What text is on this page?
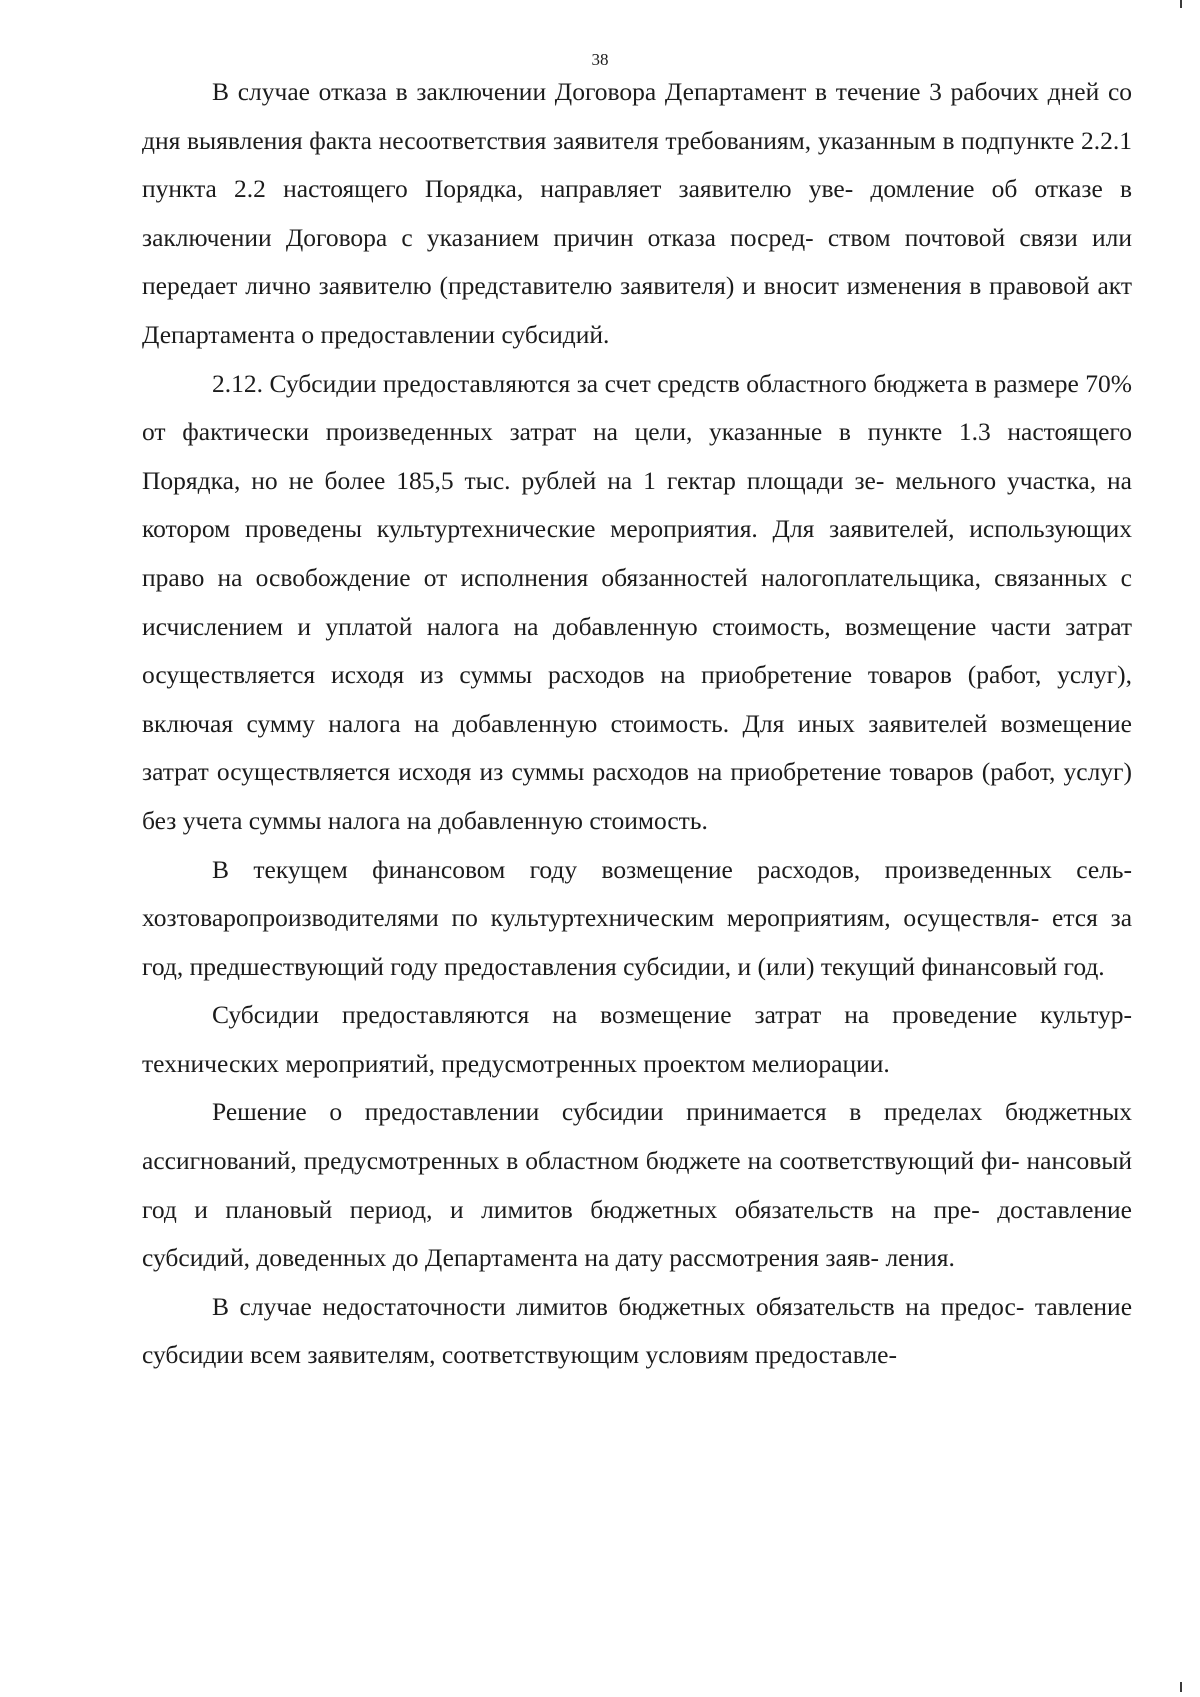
38

В случае отказа в заключении Договора Департамент в течение 3 рабочих дней со дня выявления факта несоответствия заявителя требованиям, указанным в подпункте 2.2.1 пункта 2.2 настоящего Порядка, направляет заявителю уве- домление об отказе в заключении Договора с указанием причин отказа посред- ством почтовой связи или передает лично заявителю (представителю заявителя) и вносит изменения в правовой акт Департамента о предоставлении субсидий.

2.12. Субсидии предоставляются за счет средств областного бюджета в размере 70% от фактически произведенных затрат на цели, указанные в пункте 1.3 настоящего Порядка, но не более 185,5 тыс. рублей на 1 гектар площади зе- мельного участка, на котором проведены культуртехнические мероприятия. Для заявителей, использующих право на освобождение от исполнения обязанностей налогоплательщика, связанных с исчислением и уплатой налога на добавленную стоимость, возмещение части затрат осуществляется исходя из суммы расходов на приобретение товаров (работ, услуг), включая сумму налога на добавленную стоимость. Для иных заявителей возмещение затрат осуществляется исходя из суммы расходов на приобретение товаров (работ, услуг) без учета суммы налога на добавленную стоимость.

В текущем финансовом году возмещение расходов, произведенных сель- хозтоваропроизводителями по культуртехническим мероприятиям, осуществля- ется за год, предшествующий году предоставления субсидии, и (или) текущий финансовый год.

Субсидии предоставляются на возмещение затрат на проведение культур- технических мероприятий, предусмотренных проектом мелиорации.

Решение о предоставлении субсидии принимается в пределах бюджетных ассигнований, предусмотренных в областном бюджете на соответствующий фи- нансовый год и плановый период, и лимитов бюджетных обязательств на пре- доставление субсидий, доведенных до Департамента на дату рассмотрения заяв- ления.

В случае недостаточности лимитов бюджетных обязательств на предос- тавление субсидии всем заявителям, соответствующим условиям предоставле-
